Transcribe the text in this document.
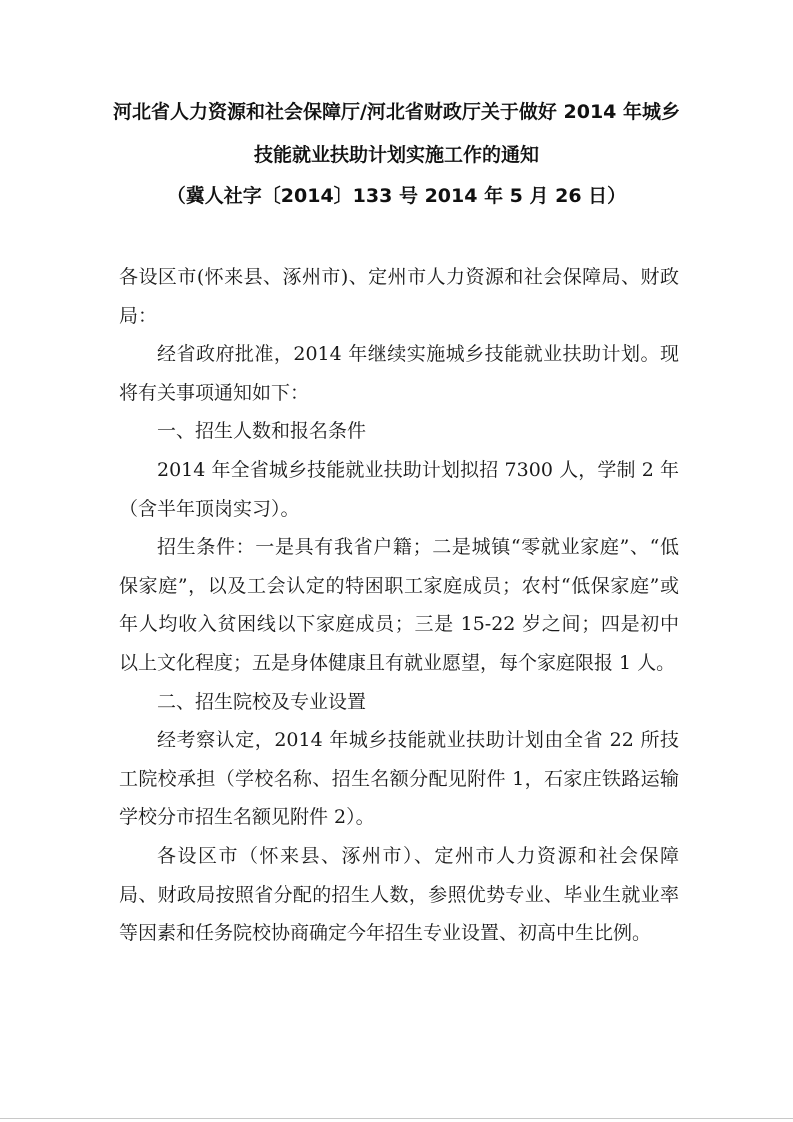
河北省人力资源和社会保障厅/河北省财政厅关于做好 2014 年城乡
技能就业扶助计划实施工作的通知
（冀人社字〔2014〕133 号 2014 年 5 月 26 日）

各设区市(怀来县、涿州市)、定州市人力资源和社会保障局、财政局：

经省政府批准，2014 年继续实施城乡技能就业扶助计划。现将有关事项通知如下：

一、招生人数和报名条件

2014 年全省城乡技能就业扶助计划拟招 7300 人，学制 2 年（含半年顶岗实习）。

招生条件：一是具有我省户籍；二是城镇“零就业家庭”、“低保家庭”，以及工会认定的特困职工家庭成员；农村“低保家庭”或年人均收入贫困线以下家庭成员；三是 15-22 岁之间；四是初中以上文化程度；五是身体健康且有就业愿望，每个家庭限报 1 人。

二、招生院校及专业设置

经考察认定，2014 年城乡技能就业扶助计划由全省 22 所技工院校承担（学校名称、招生名额分配见附件 1，石家庄铁路运输学校分市招生名额见附件 2）。

各设区市（怀来县、涿州市）、定州市人力资源和社会保障局、财政局按照省分配的招生人数，参照优势专业、毕业生就业率等因素和任务院校协商确定今年招生专业设置、初高中生比例。
